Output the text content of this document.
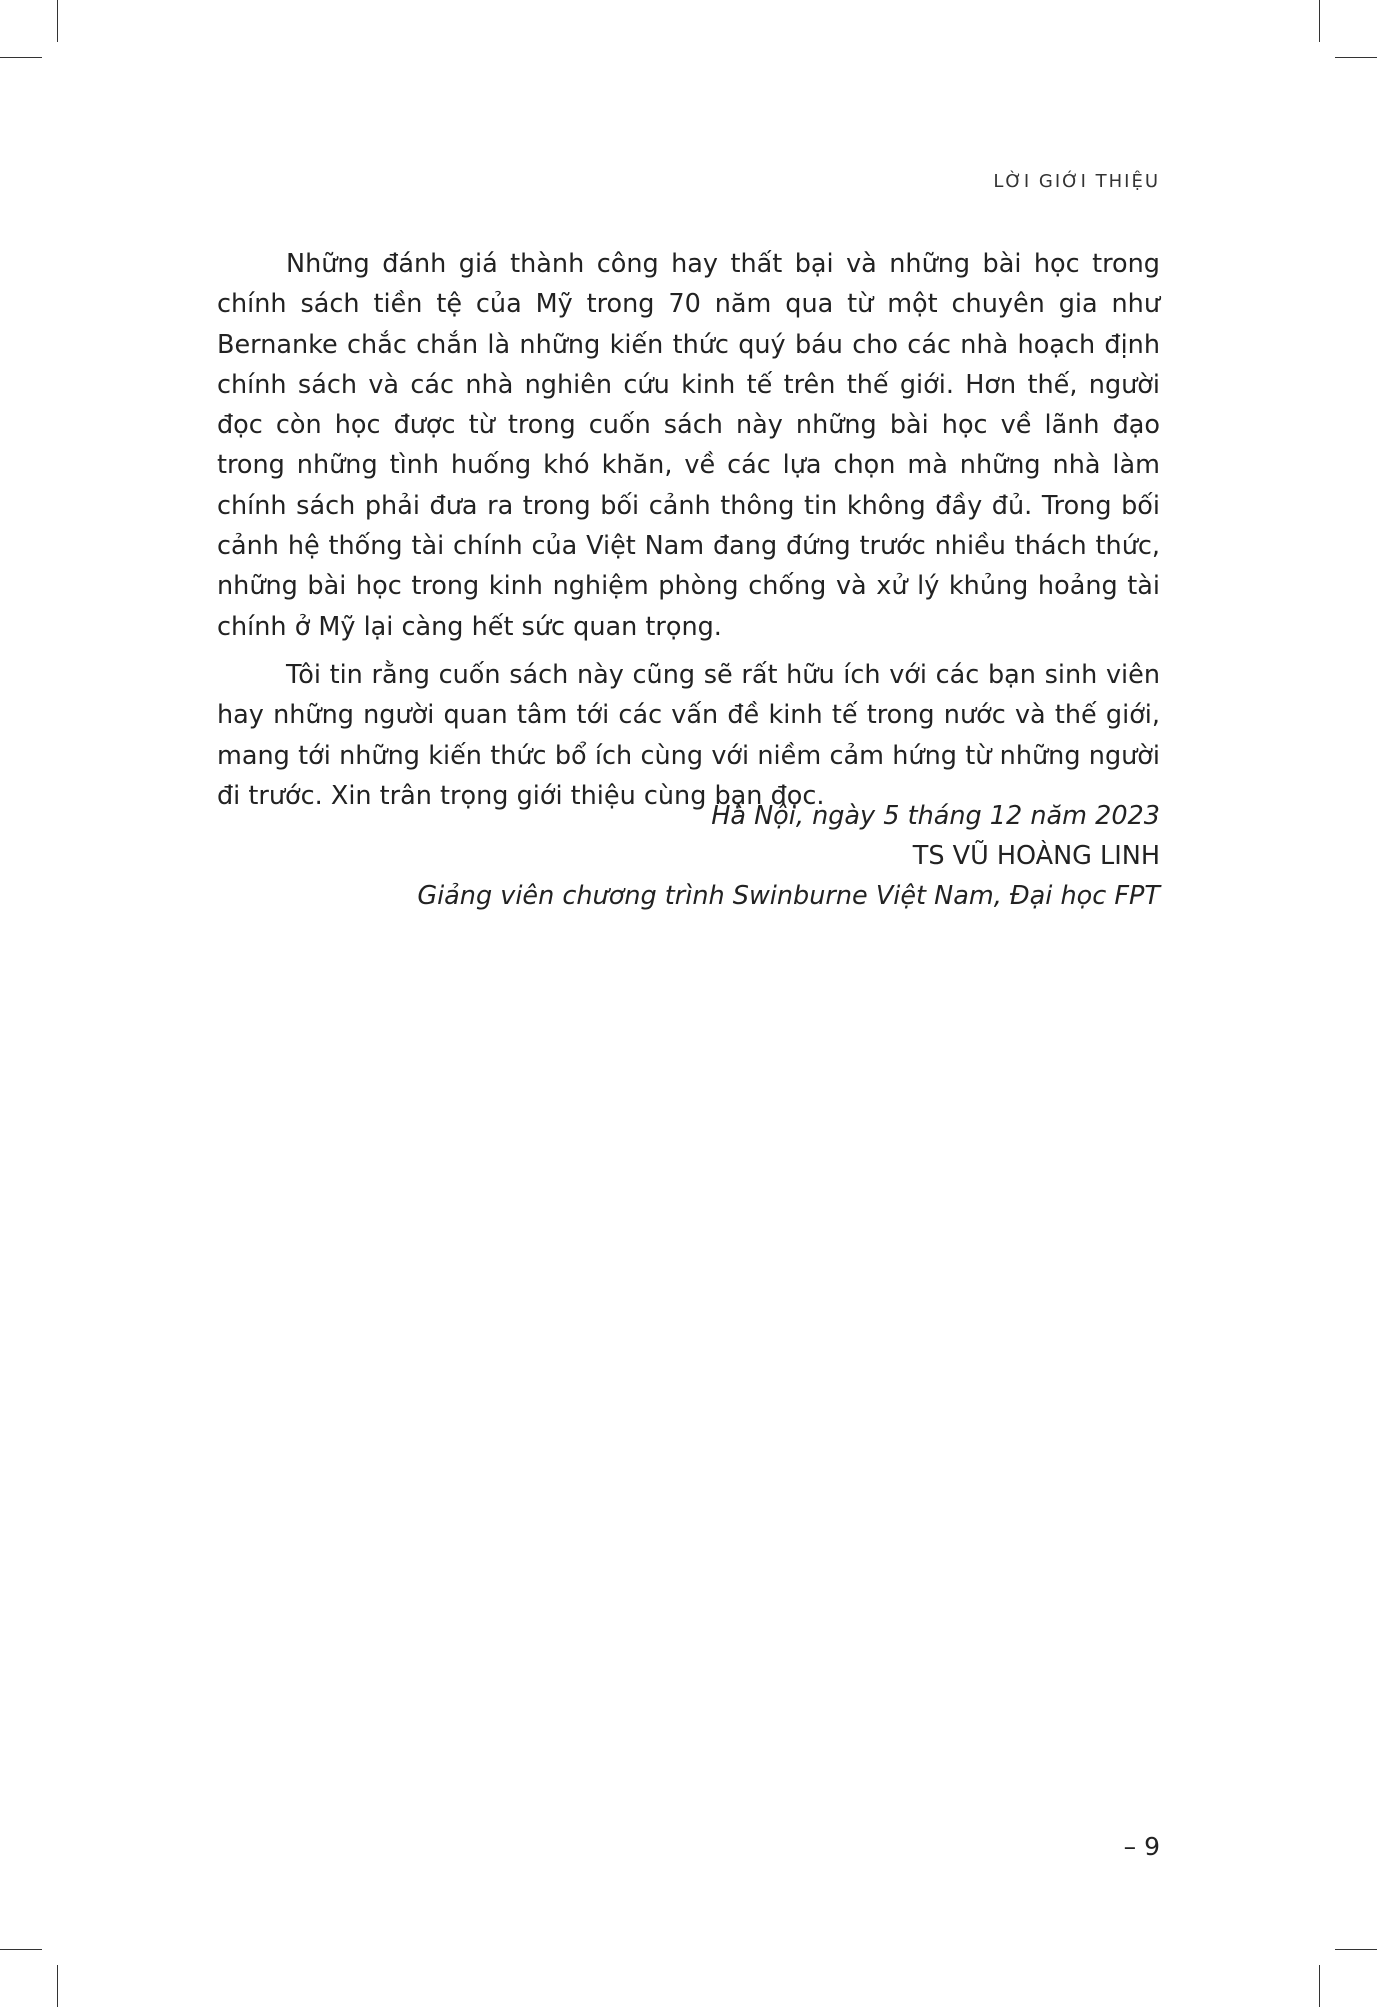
LỜI GIỚI THIỆU

Những đánh giá thành công hay thất bại và những bài học trong chính sách tiền tệ của Mỹ trong 70 năm qua từ một chuyên gia như Bernanke chắc chắn là những kiến thức quý báu cho các nhà hoạch định chính sách và các nhà nghiên cứu kinh tế trên thế giới. Hơn thế, người đọc còn học được từ trong cuốn sách này những bài học về lãnh đạo trong những tình huống khó khăn, về các lựa chọn mà những nhà làm chính sách phải đưa ra trong bối cảnh thông tin không đầy đủ. Trong bối cảnh hệ thống tài chính của Việt Nam đang đứng trước nhiều thách thức, những bài học trong kinh nghiệm phòng chống và xử lý khủng hoảng tài chính ở Mỹ lại càng hết sức quan trọng.

Tôi tin rằng cuốn sách này cũng sẽ rất hữu ích với các bạn sinh viên hay những người quan tâm tới các vấn đề kinh tế trong nước và thế giới, mang tới những kiến thức bổ ích cùng với niềm cảm hứng từ những người đi trước. Xin trân trọng giới thiệu cùng bạn đọc.

Hà Nội, ngày 5 tháng 12 năm 2023
TS VŨ HOÀNG LINH
Giảng viên chương trình Swinburne Việt Nam, Đại học FPT
– 9
